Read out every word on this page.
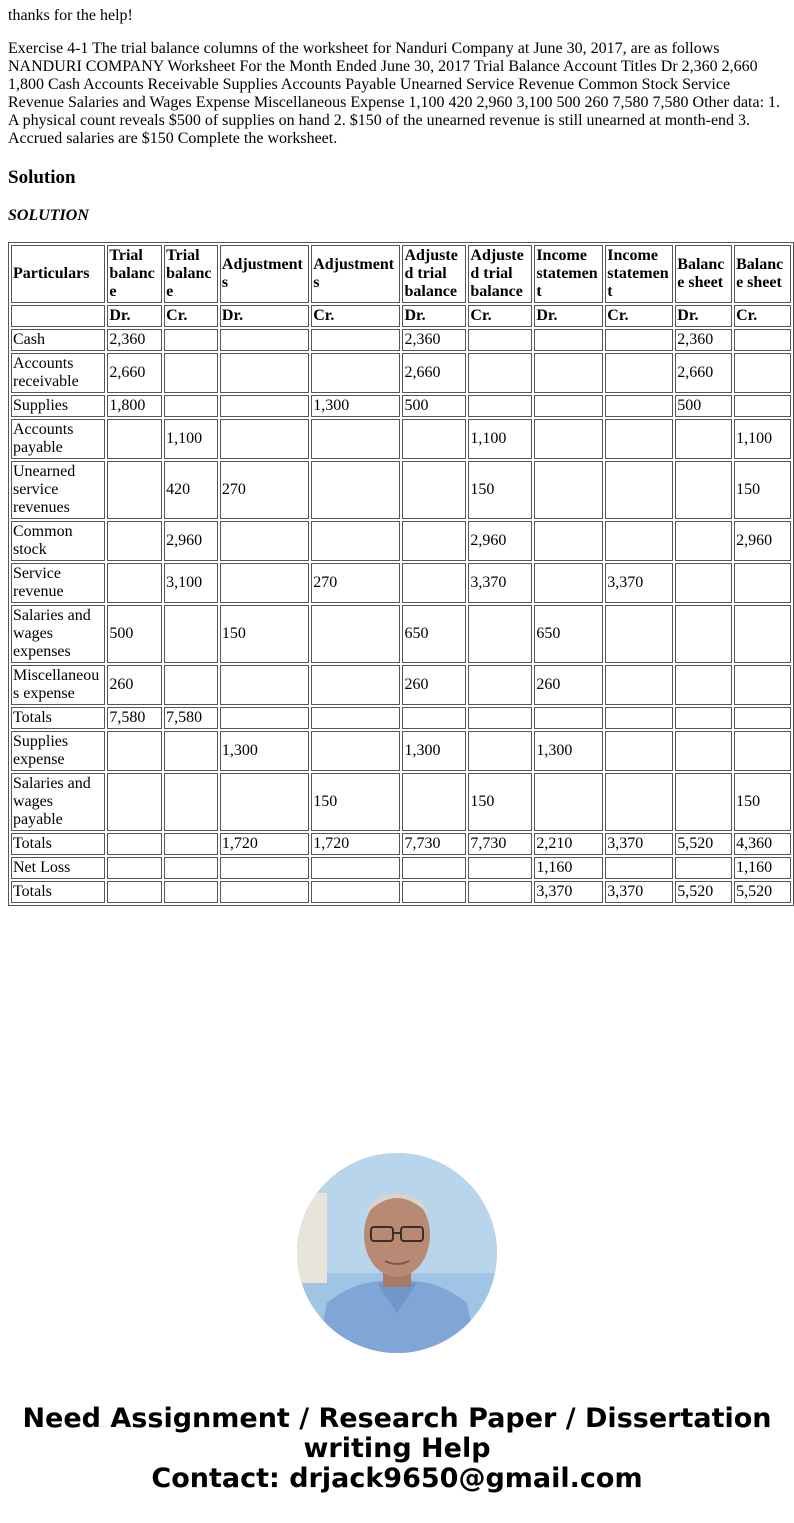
thanks for the help!

Exercise 4-1 The trial balance columns of the worksheet for Nanduri Company at June 30, 2017, are as follows NANDURI COMPANY Worksheet For the Month Ended June 30, 2017 Trial Balance Account Titles Dr 2,360 2,660 1,800 Cash Accounts Receivable Supplies Accounts Payable Unearned Service Revenue Common Stock Service Revenue Salaries and Wages Expense Miscellaneous Expense 1,100 420 2,960 3,100 500 260 7,580 7,580 Other data: 1. A physical count reveals $500 of supplies on hand 2. $150 of the unearned revenue is still unearned at month-end 3. Accrued salaries are $150 Complete the worksheet.

Solution

SOLUTION

Particulars	Trial balance	Trial balance	Adjustments	Adjustments	Adjusted trial balance	Adjusted trial balance	Income statement	Income statement	Balance sheet	Balance sheet
	Dr.	Cr.	Dr.	Cr.	Dr.	Cr.	Dr.	Cr.	Dr.	Cr.
Cash	2,360				2,360				2,360	
Accounts receivable	2,660				2,660				2,660	
Supplies	1,800			1,300	500				500	
Accounts payable		1,100				1,100				1,100
Unearned service revenues		420	270			150				150
Common stock		2,960				2,960				2,960
Service revenue		3,100		270		3,370		3,370		
Salaries and wages expenses	500		150		650		650			
Miscellaneous expense	260				260		260			
Totals	7,580	7,580								
Supplies expense			1,300		1,300		1,300			
Salaries and wages payable				150		150				150
Totals			1,720	1,720	7,730	7,730	2,210	3,370	5,520	4,360
Net Loss							1,160			1,160
Totals							3,370	3,370	5,520	5,520
Need Assignment / Research Paper / Dissertation
writing Help
Contact: drjack9650@gmail.com
